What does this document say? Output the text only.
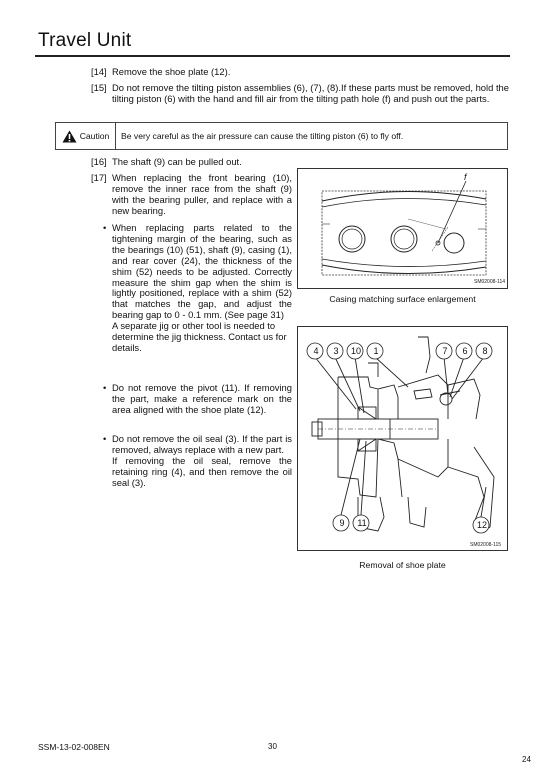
Travel Unit
[14] Remove the shoe plate (12).
[15] Do not remove the tilting piston assemblies (6), (7), (8).If these parts must be removed, hold the tilting piston (6) with the hand and fill air from the tilting path hole (f) and push out the parts.
Caution Be very careful as the air pressure can cause the tilting piston (6) to fly off.
[16] The shaft (9) can be pulled out.
[17] When replacing the front bearing (10), remove the inner race from the shaft (9) with the bearing puller, and replace with a new bearing.
• When replacing parts related to the tightening margin of the bearing, such as the bearings (10) (51), shaft (9), casing (1), and rear cover (24), the thickness of the shim (52) needs to be adjusted. Correctly measure the shim gap when the shim is lightly positioned, replace with a shim (52) that matches the gap, and adjust the bearing gap to 0 - 0.1 mm. (See page 31)
A separate jig or other tool is needed to determine the jig thickness. Contact us for details.
• Do not remove the pivot (11). If removing the part, make a reference mark on the area aligned with the shoe plate (12).
• Do not remove the oil seal (3). If the part is removed, always replace with a new part.
If removing the oil seal, remove the retaining ring (4), and then remove the oil seal (3).
f
SM02008-114
Casing matching surface enlargement
4 3	10	1	7 6 8
9	11	12
SM02008-115
Removal of shoe plate
SSM-13-02-008EN	30
24
